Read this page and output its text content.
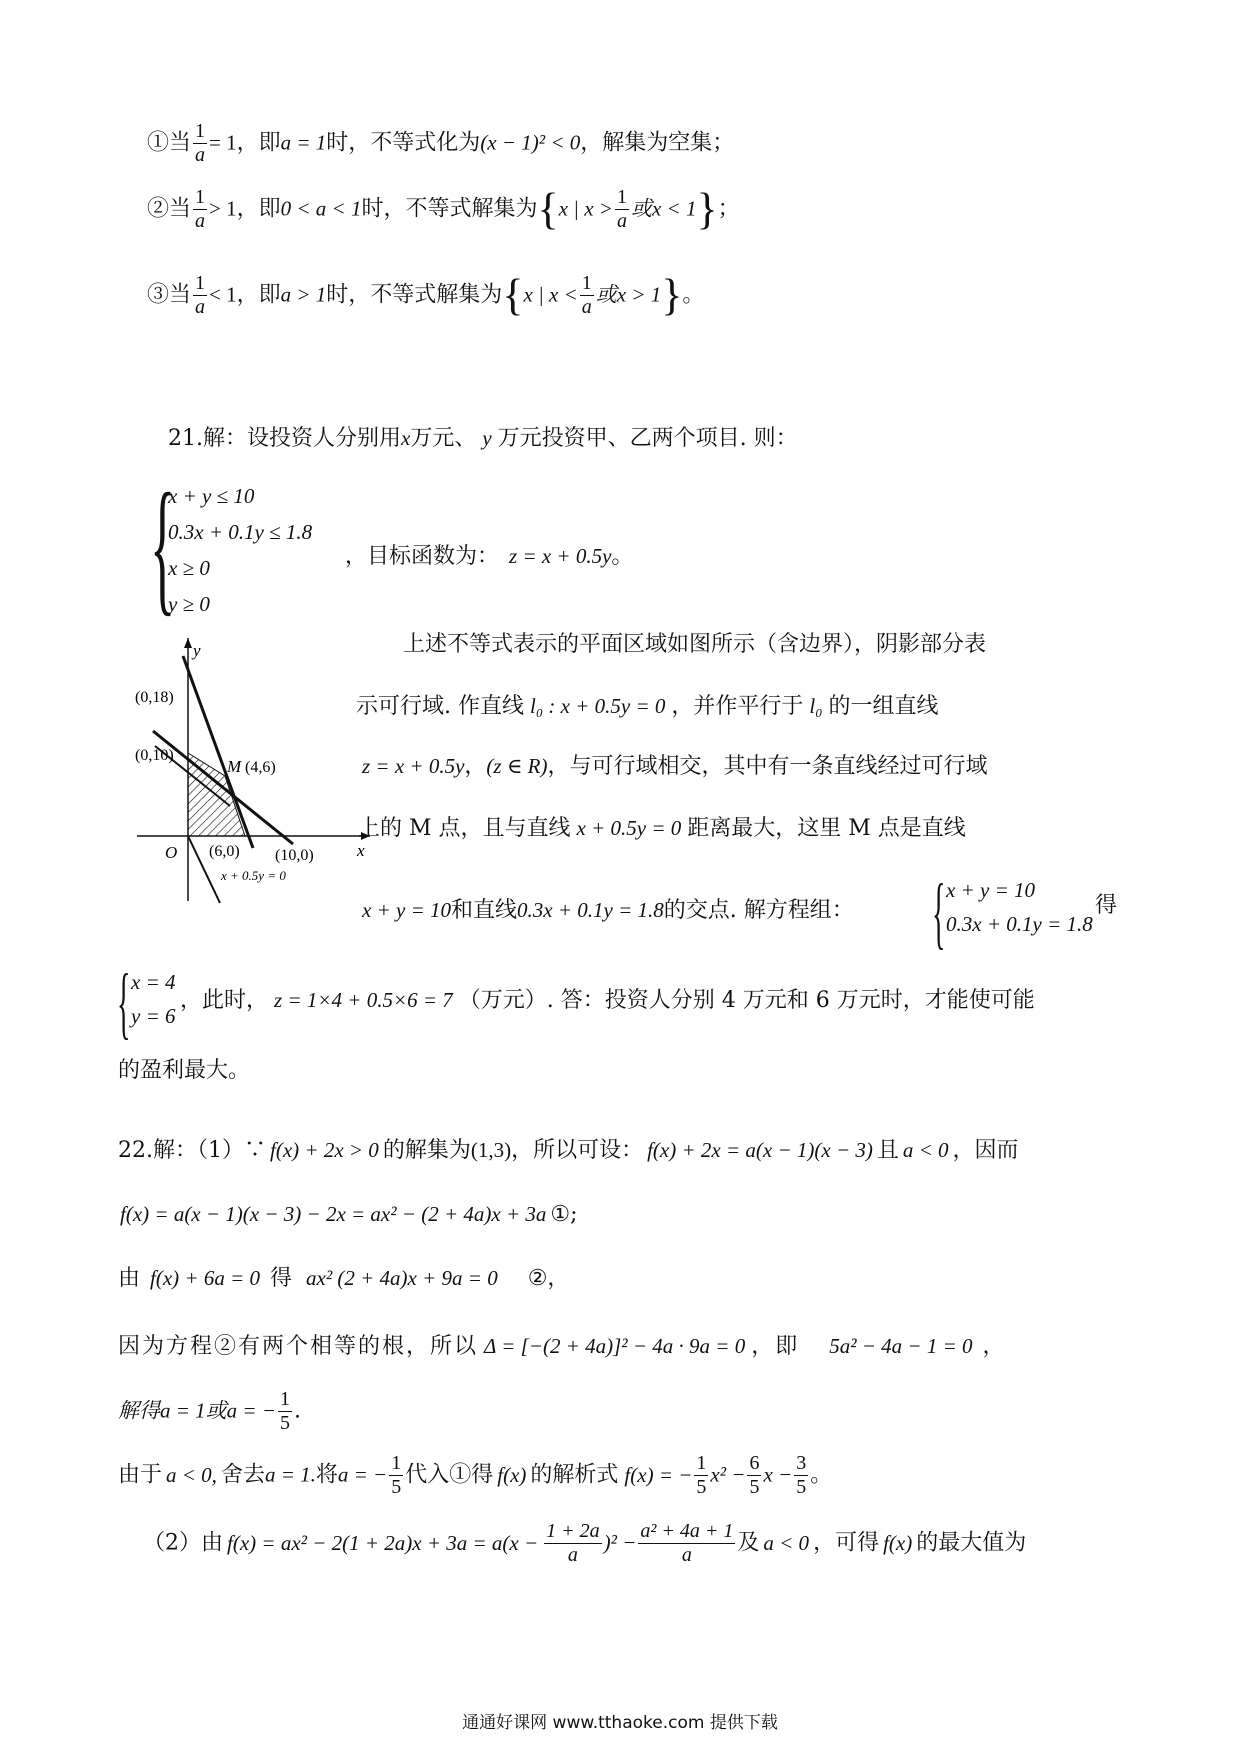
①当 $\frac{1}{a} = 1$，即a = 1时，不等式化为(x − 1)² < 0，解集为空集；
②当 $\frac{1}{a} > 1$，即0 < a < 1时，不等式解集为{x | $x > \frac{1}{a}$ 或x < 1}；
③当 $\frac{1}{a} < 1$，即a > 1时，不等式解集为{x | $x < \frac{1}{a}$ 或x > 1}。
21.解：设投资人分别用x万元、 y 万元投资甲、乙两个项目. 则：
{
x + y ≤ 10
0.3x + 0.1y ≤ 1.8
x ≥ 0
y ≥ 0
，目标函数为： z = x + 0.5y。
y
x
O
(0,18)
(0,10)
M (4,6)
(6,0) (10,0)
x + 0.5y = 0
上述不等式表示的平面区域如图所示（含边界），阴影部分表
示可行域. 作直线 l₀ : x + 0.5y = 0 ，并作平行于 l₀ 的一组直线
z = x + 0.5y，(z ∈ R)，与可行域相交，其中有一条直线经过可行域
上的 M 点，且与直线 x + 0.5y = 0 距离最大，这里 M 点是直线
x + y = 10和直线0.3x + 0.1y = 1.8的交点. 解方程组： { x + y = 10
0.3x + 0.1y = 1.8
得
{ x = 4
y = 6
，此时， z = 1×4 + 0.5×6 = 7 （万元）. 答：投资人分别 4 万元和 6 万元时，才能使可能
的盈利最大。
22.解：（1）∵ f(x) + 2x > 0 的解集为(1,3)，所以可设： f(x) + 2x = a(x − 1)(x − 3) 且 a < 0 ，因而
f(x) = a(x − 1)(x − 3) − 2x = ax² − (2 + 4a)x + 3a ①;
由 f(x) + 6a = 0 得 ax² (2 + 4a)x + 9a = 0 ②，
因为方程②有两个相等的根，所以 Δ = [−(2 + 4a)]² − 4a · 9a = 0 ，即 5a² − 4a − 1 = 0 ，
解得a = 1或a = − $\frac{1}{5}$ .
由于 a < 0, 舍去a = 1.将a = − $\frac{1}{5}$ 代入①得 f(x) 的解析式 f(x) = − $\frac{1}{5} x^2 - \frac{6}{5}$ $x - \frac{3}{5}$ 。
（2）由 $f(x) = ax^2 - 2(1 + 2a)x + 3a = a(x - \frac{1 + 2a}{a} )^2 - \frac{\text{a² + 4a + 1}}{a}$ 及 a < 0 ，可得 f(x) 的最大值为
通通好课网 www.tthaoke.com 提供下载
